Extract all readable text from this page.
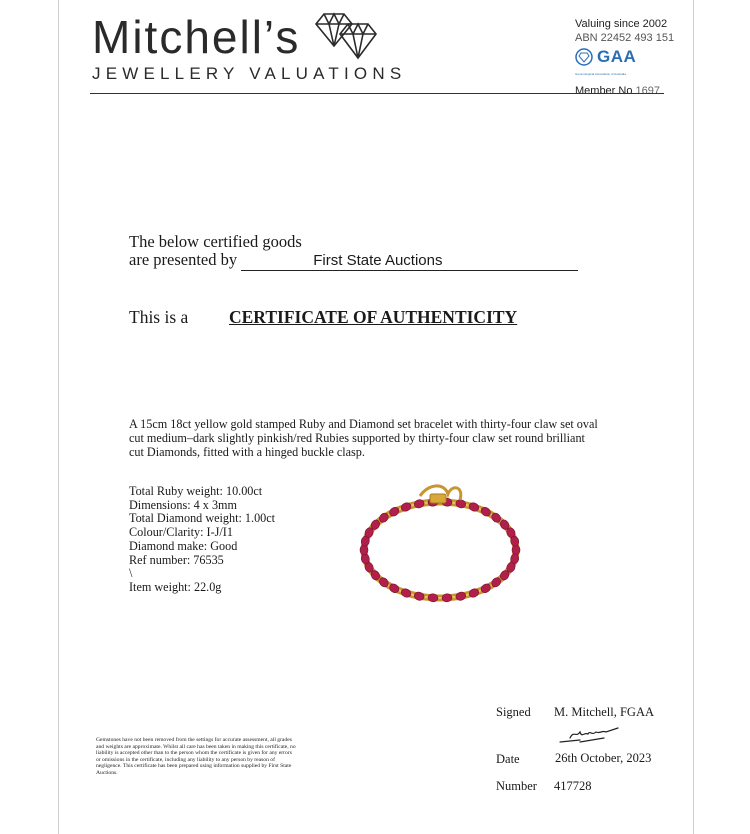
Mitchell’s
JEWELLERY VALUATIONS
Valuing since 2002
ABN 22452 493 151
GAA
Gemmological Association of Australia
Member No 1697
The below certified goods
are presented by	First State Auctions
This is a CERTIFICATE OF AUTHENTICITY
A 15cm 18ct yellow gold stamped Ruby and Diamond set bracelet with thirty-four claw set oval cut medium–dark slightly pinkish/red Rubies supported by thirty-four claw set round brilliant cut Diamonds, fitted with a hinged buckle clasp.
Total Ruby weight: 10.00ct
Dimensions: 4 x 3mm
Total Diamond weight: 1.00ct
Colour/Clarity: I-J/I1
Diamond make: Good
Ref number: 76535
\
Item weight: 22.0g
Gemstones have not been removed from the settings for accurate assessment, all grades and weights are approximate. Whilst all care has been taken in making this certificate, no liability is accepted other than to the person whom the certificate is given for any errors or omissions in the certificate, including any liability to any person by reason of negligence. This certificate has been prepared using information supplied by First State Auctions.
Signed M. Mitchell, FGAA
Date	26th October, 2023
Number 417728
